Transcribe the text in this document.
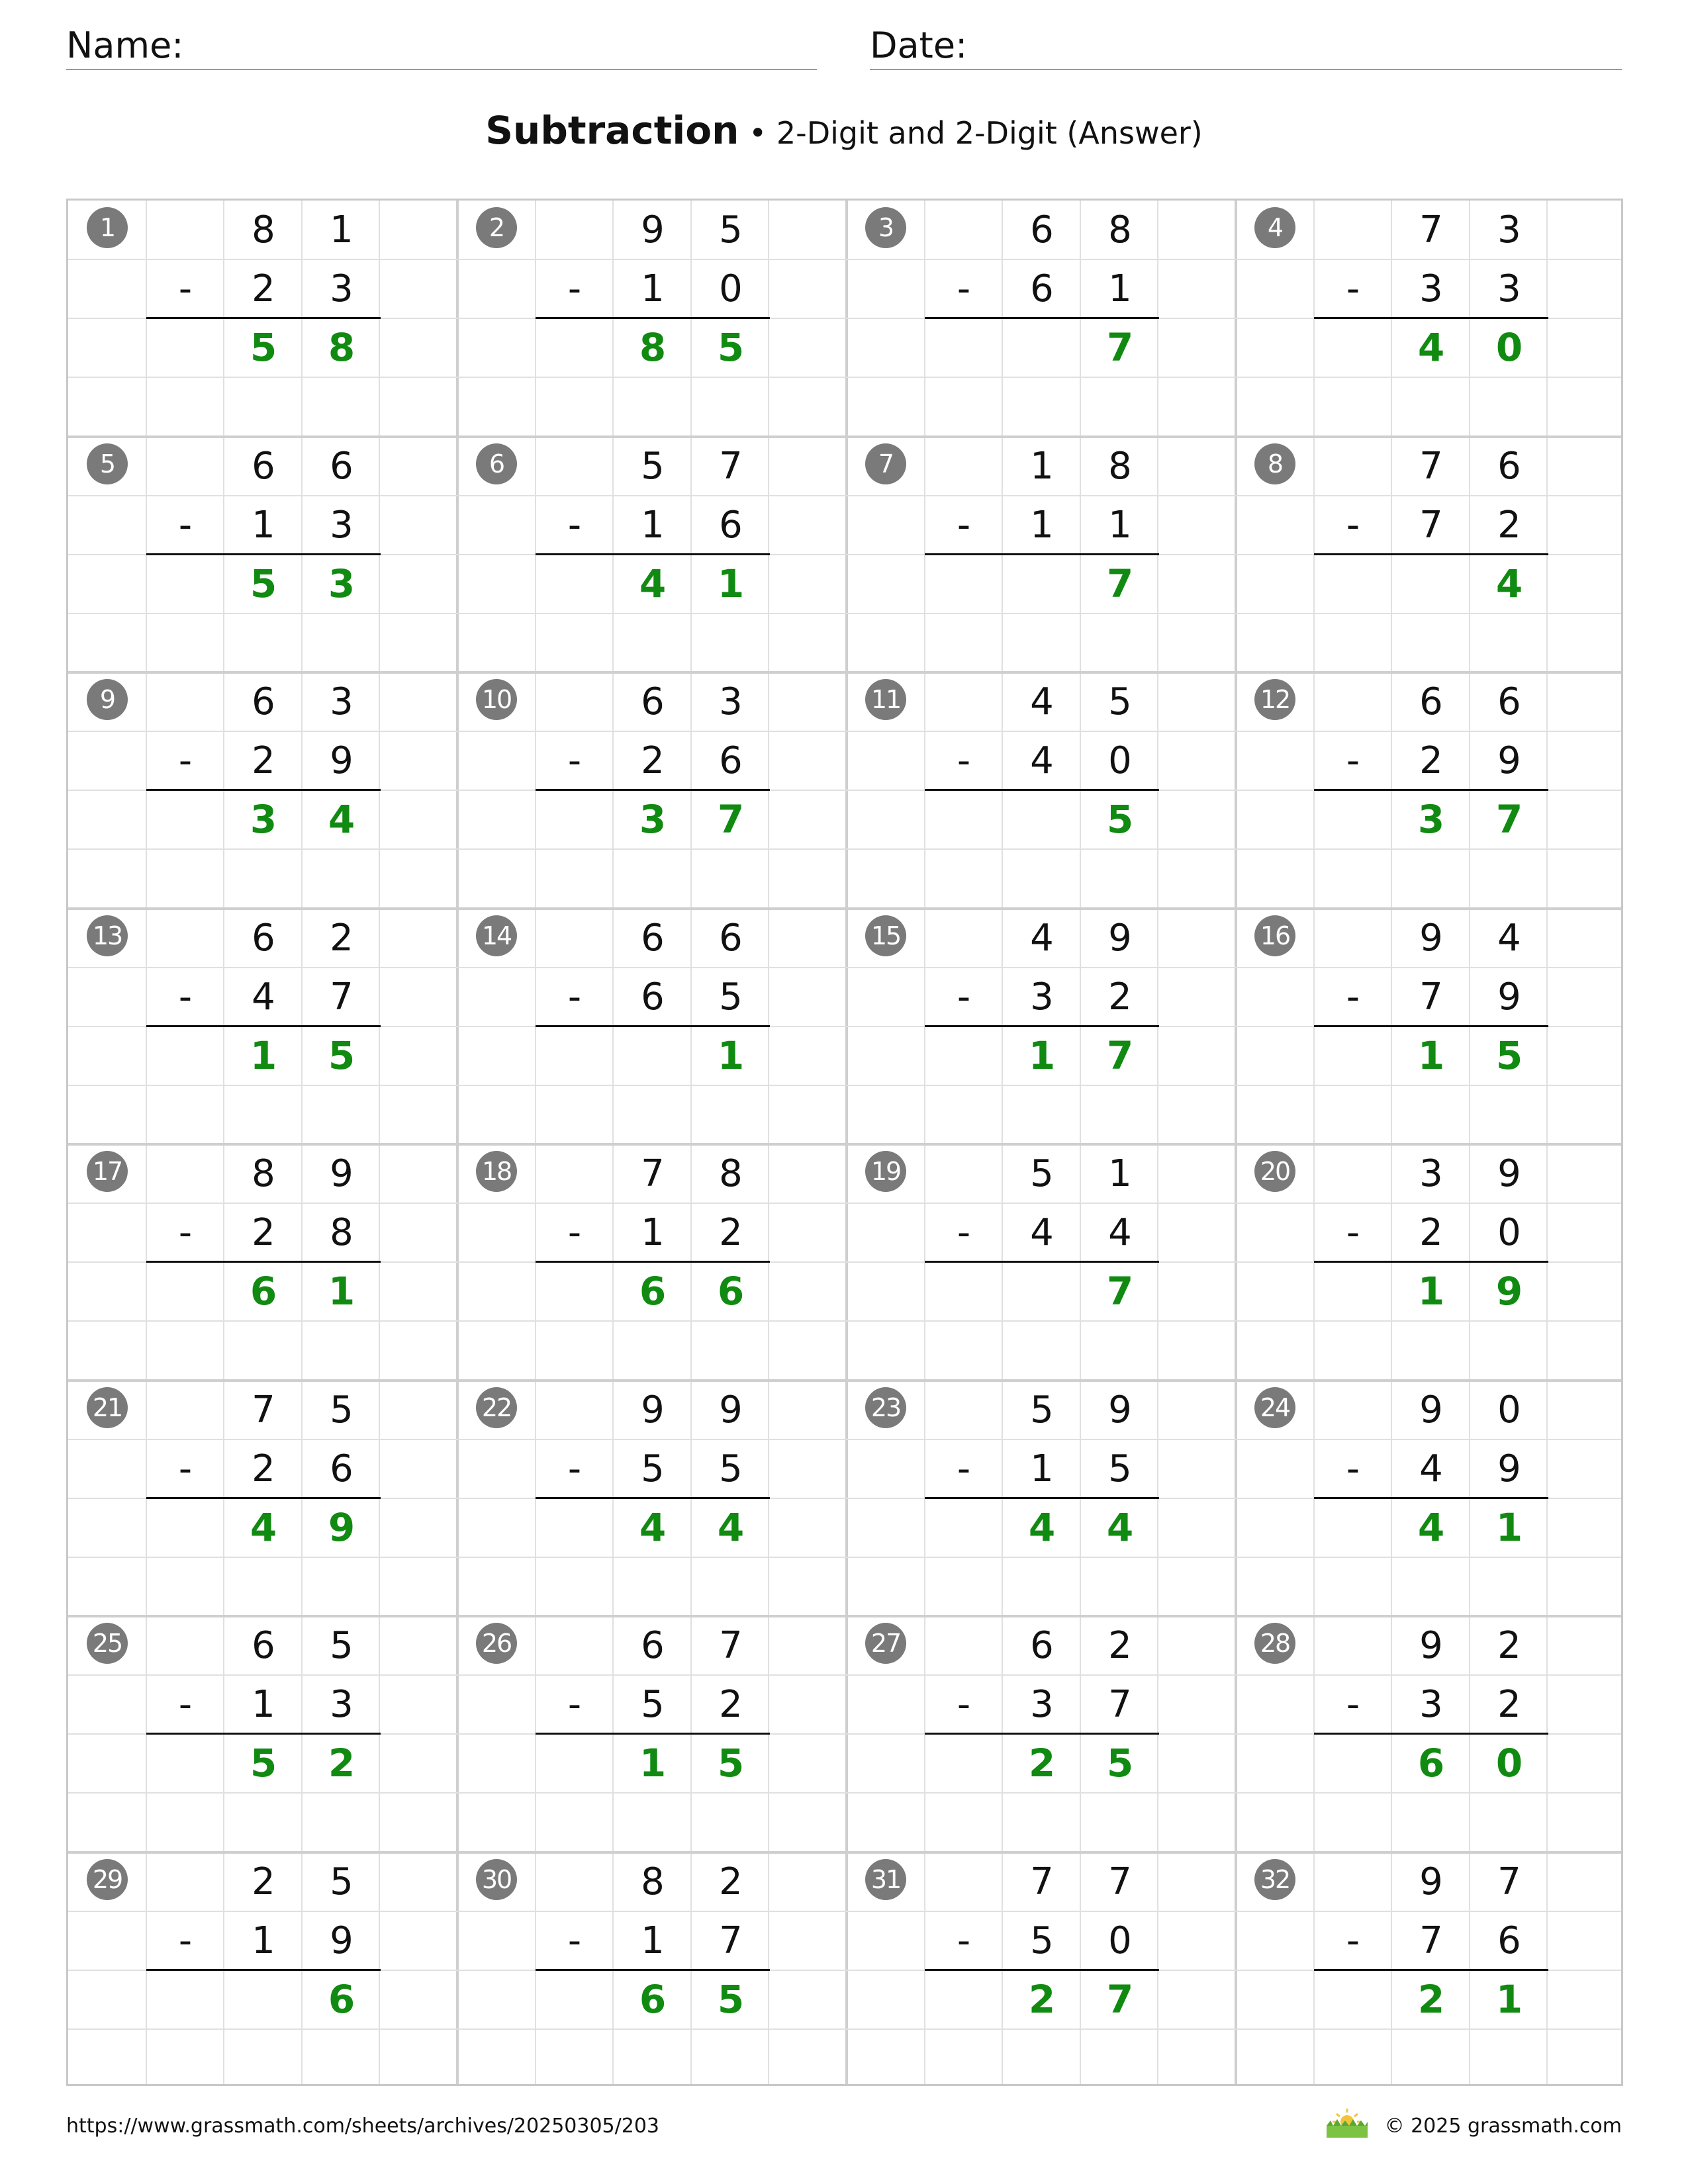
Name:	Date:
Subtraction • 2-Digit and 2-Digit (Answer)
1	8	1
-	2	3
5	8
2	9	5
-	1	0
8	5
3	6	8
-	6	1
7
4	7	3
-	3	3
4	0
5	6	6
-	1	3
5	3
6	5	7
-	1	6
4	1
7	1	8
-	1	1
7
8	7	6
-	7	2
4
9	6	3
-	2	9
3	4
10	6	3
-	2	6
3	7
11	4	5
-	4	0
5
12	6	6
-	2	9
3	7
13	6	2
-	4	7
1	5
14	6	6
-	6	5
1
15	4	9
-	3	2
1	7
16	9	4
-	7	9
1	5
17	8	9
-	2	8
6	1
18	7	8
-	1	2
6	6
19	5	1
-	4	4
7
20	3	9
-	2	0
1	9
21	7	5
-	2	6
4	9
22	9	9
-	5	5
4	4
23	5	9
-	1	5
4	4
24	9	0
-	4	9
4	1
25	6	5
-	1	3
5	2
26	6	7
-	5	2
1	5
27	6	2
-	3	7
2	5
28	9	2
-	3	2
6	0
29	2	5
-	1	9
6
30	8	2
-	1	7
6	5
31	7	7
-	5	0
2	7
32	9	7
-	7	6
2	1
https://www.grassmath.com/sheets/archives/20250305/203	© 2025 grassmath.com
